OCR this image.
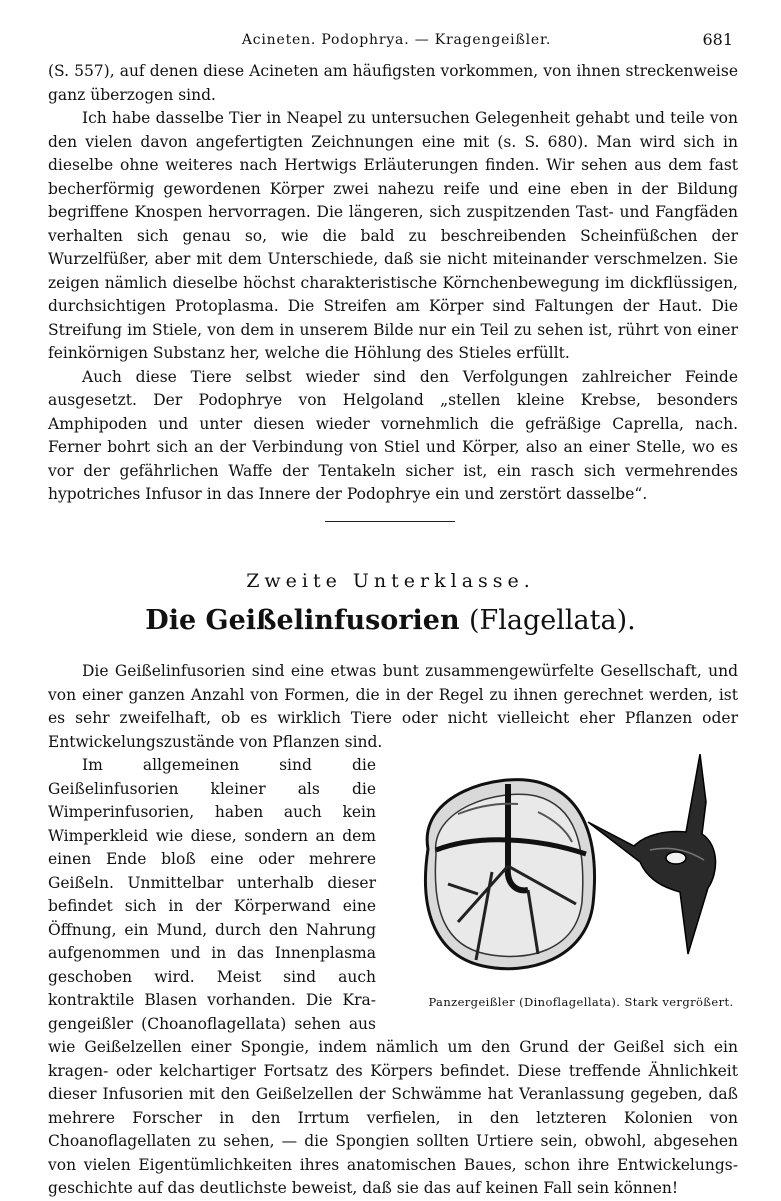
Acineten. Podophrya. — Kragengeißler.	681

(S. 557), auf denen diese Acineten am häufigsten vorkommen, von ihnen streckenweise ganz überzogen sind.

Ich habe dasselbe Tier in Neapel zu untersuchen Gelegenheit gehabt und teile von den vielen davon angefertigten Zeichnungen eine mit (s. S. 680). Man wird sich in dieselbe ohne weiteres nach Hertwigs Erläuterungen finden. Wir sehen aus dem fast becherförmig gewordenen Körper zwei nahezu reife und eine eben in der Bildung begriffene Knospen hervorragen. Die längeren, sich zuspitzenden Tast- und Fangfäden verhalten sich genau so, wie die bald zu beschreibenden Scheinfüßchen der Wurzelfüßer, aber mit dem Unterschiede, daß sie nicht miteinander verschmelzen. Sie zeigen nämlich dieselbe höchst charakteristische Körnchenbewegung im dickflüssigen, durchsichtigen Protoplasma. Die Streifen am Körper sind Faltungen der Haut. Die Streifung im Stiele, von dem in unserem Bilde nur ein Teil zu sehen ist, rührt von einer feinkörnigen Substanz her, welche die Höhlung des Stieles erfüllt.

Auch diese Tiere selbst wieder sind den Verfolgungen zahlreicher Feinde ausgesetzt. Der Podophrye von Helgoland „stellen kleine Krebse, besonders Amphipoden und unter diesen wieder vornehmlich die gefräßige Caprella, nach. Ferner bohrt sich an der Verbindung von Stiel und Körper, also an einer Stelle, wo es vor der gefährlichen Waffe der Tentakeln sicher ist, ein rasch sich vermehrendes hypotriches Infusor in das Innere der Podophrye ein und zerstört dasselbe“.

Zweite Unterklasse.
Die Geißelinfusorien (Flagellata).

Die Geißelinfusorien sind eine etwas bunt zusammengewürfelte Gesellschaft, und von einer ganzen Anzahl von Formen, die in der Regel zu ihnen gerechnet werden, ist es sehr zweifelhaft, ob es wirklich Tiere oder nicht vielleicht eher Pflanzen oder Entwickelungszustände von Pflanzen sind.

Panzergeißler (Dinoflagellata). Stark vergrößert.
Im allgemeinen sind die Geißelinfusorien kleiner als die Wimperinfusorien, haben auch kein Wimperkleid wie diese, sondern an dem einen Ende bloß eine oder mehrere Geißeln. Unmittelbar unterhalb dieser befindet sich in der Körperwand eine Öffnung, ein Mund, durch den Nahrung aufgenommen und in das Innenplasma geschoben wird. Meist sind auch kontraktile Blasen vorhanden. Die Kragengeißler (Choanoflagellata) sehen aus wie Geißelzellen einer Spongie, indem nämlich um den Grund der Geißel sich ein kragen- oder kelchartiger Fortsatz des Körpers befindet. Diese treffende Ähnlichkeit dieser Infusorien mit den Geißelzellen der Schwämme hat Veranlassung gegeben, daß mehrere Forscher in den Irrtum verfielen, in den letzteren Kolonien von Choanoflagellaten zu sehen, — die Spongien sollten Urtiere sein, obwohl, abgesehen von vielen Eigentümlichkeiten ihres anatomischen Baues, schon ihre Entwickelungsgeschichte auf das deutlichste beweist, daß sie das auf keinen Fall sein können!
